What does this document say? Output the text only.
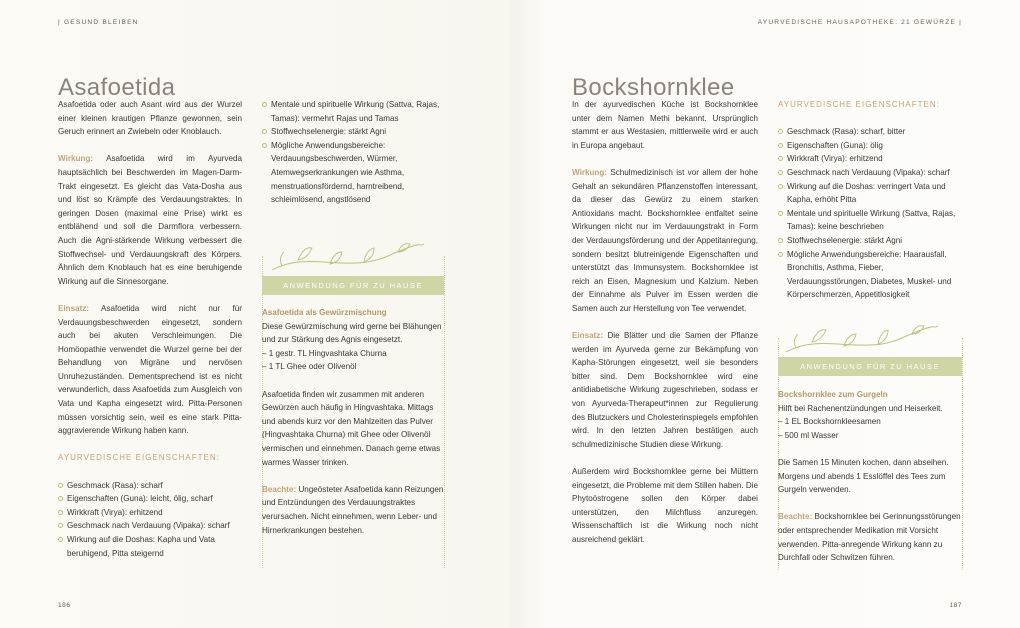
| GESUND BLEIBEN
Asafoetida

Asafoetida oder auch Asant wird aus der Wurzel einer kleinen krautigen Pflanze gewonnen, sein Geruch erinnert an Zwiebeln oder Knoblauch.

Wirkung: Asafoetida wird im Ayurveda hauptsächlich bei Beschwerden im Magen-Darm-Trakt eingesetzt. Es gleicht das Vata-Dosha aus und löst so Krämpfe des Verdauungstraktes. In geringen Dosen (maximal eine Prise) wirkt es entblähend und soll die Darmflora verbessern. Auch die Agni-stärkende Wirkung verbessert die Stoffwechsel- und Verdauungskraft des Körpers. Ähnlich dem Knoblauch hat es eine beruhigende Wirkung auf die Sinnesorgane.

Einsatz: Asafoetida wird nicht nur für Verdauungsbeschwerden eingesetzt, sondern auch bei akuten Verschleimungen. Die Homöopathie verwendet die Wurzel gerne bei der Behandlung von Migräne und nervösen Unruhezuständen. Dementsprechend ist es nicht verwunderlich, dass Asafoetida zum Ausgleich von Vata und Kapha eingesetzt wird. Pitta-Personen müssen vorsichtig sein, weil es eine stark Pitta-aggravierende Wirkung haben kann.

AYURVEDISCHE EIGENSCHAFTEN:

Geschmack (Rasa): scharf
Eigenschaften (Guna): leicht, ölig, scharf
Wirkkraft (Virya): erhitzend
Geschmack nach Verdauung (Vipaka): scharf
Wirkung auf die Doshas: Kapha und Vata beruhigend, Pitta steigernd
Mentale und spirituelle Wirkung (Sattva, Rajas, Tamas): vermehrt Rajas und Tamas
Stoffwechselenergie: stärkt Agni
Mögliche Anwendungsbereiche: Verdauungsbeschwerden, Würmer, Atemwegserkrankungen wie Asthma, menstruationsfördernd, harntreibend, schleimlösend, angstlösend
ANWENDUNG FÜR ZU HAUSE
Asafoetida als Gewürzmischung

Diese Gewürzmischung wird gerne bei Blähungen und zur Stärkung des Agnis eingesetzt.

– 1 gestr. TL Hingvashtaka Churna
– 1 TL Ghee oder Olivenöl

Asafoetida finden wir zusammen mit anderen Gewürzen auch häufig in Hingvashtaka. Mittags und abends kurz vor den Mahlzeiten das Pulver (Hingvashtaka Churna) mit Ghee oder Olivenöl vermischen und einnehmen. Danach gerne etwas warmes Wasser trinken.

Beachte: Ungeösteter Asafoetida kann Reizungen und Entzündungen des Verdauungstraktes verursachen. Nicht einnehmen, wenn Leber- und Hirnerkrankungen bestehen.

186
AYURVEDISCHE HAUSAPOTHEKE: 21 GEWÜRZE |
Bockshornklee

In der ayurvedischen Küche ist Bockshornklee unter dem Namen Methi bekannt. Ursprünglich stammt er aus Westasien, mittlerweile wird er auch in Europa angebaut.

Wirkung: Schulmedizinisch ist vor allem der hohe Gehalt an sekundären Pflanzenstoffen interessant, da dieser das Gewürz zu einem starken Antioxidans macht. Bockshornklee entfaltet seine Wirkungen nicht nur im Verdauungstrakt in Form der Verdauungsförderung und der Appetitanregung, sondern besitzt blutreinigende Eigenschaften und unterstützt das Immunsystem. Bockshornklee ist reich an Eisen, Magnesium und Kalzium. Neben der Einnahme als Pulver im Essen werden die Samen auch zur Herstellung von Tee verwendet.

Einsatz: Die Blätter und die Samen der Pflanze werden im Ayurveda gerne zur Bekämpfung von Kapha-Störungen eingesetzt, weil sie besonders bitter sind. Dem Bockshornklee wird eine antidiabetische Wirkung zugeschrieben, sodass er von Ayurveda-Therapeut*innen zur Regulierung des Blutzuckers und Cholesterinspiegels empfohlen wird. In den letzten Jahren bestätigen auch schulmedizinische Studien diese Wirkung.

Außerdem wird Bockshornklee gerne bei Müttern eingesetzt, die Probleme mit dem Stillen haben. Die Phytoöstrogene sollen den Körper dabei unterstützen, den Milchfluss anzuregen. Wissenschaftlich ist die Wirkung noch nicht ausreichend geklärt.

AYURVEDISCHE EIGENSCHAFTEN:

Geschmack (Rasa): scharf, bitter
Eigenschaften (Guna): ölig
Wirkkraft (Virya): erhitzend
Geschmack nach Verdauung (Vipaka): scharf
Wirkung auf die Doshas: verringert Vata und Kapha, erhöht Pitta
Mentale und spirituelle Wirkung (Sattva, Rajas, Tamas): keine beschrieben
Stoffwechselenergie: stärkt Agni
Mögliche Anwendungsbereiche: Haarausfall, Bronchitis, Asthma, Fieber, Verdauungsstörungen, Diabetes, Muskel- und Körperschmerzen, Appetitlosigkeit
ANWENDUNG FÜR ZU HAUSE
Bockshornklee zum Gurgeln

Hilft bei Rachenentzündungen und Heiserkeit.

– 1 EL Bockshornkleesamen
– 500 ml Wasser

Die Samen 15 Minuten kochen, dann abseihen. Morgens und abends 1 Esslöffel des Tees zum Gurgeln verwenden.

Beachte: Bockshornklee bei Gerinnungsstörungen oder entsprechender Medikation mit Vorsicht verwenden. Pitta-anregende Wirkung kann zu Durchfall oder Schwitzen führen.

187
